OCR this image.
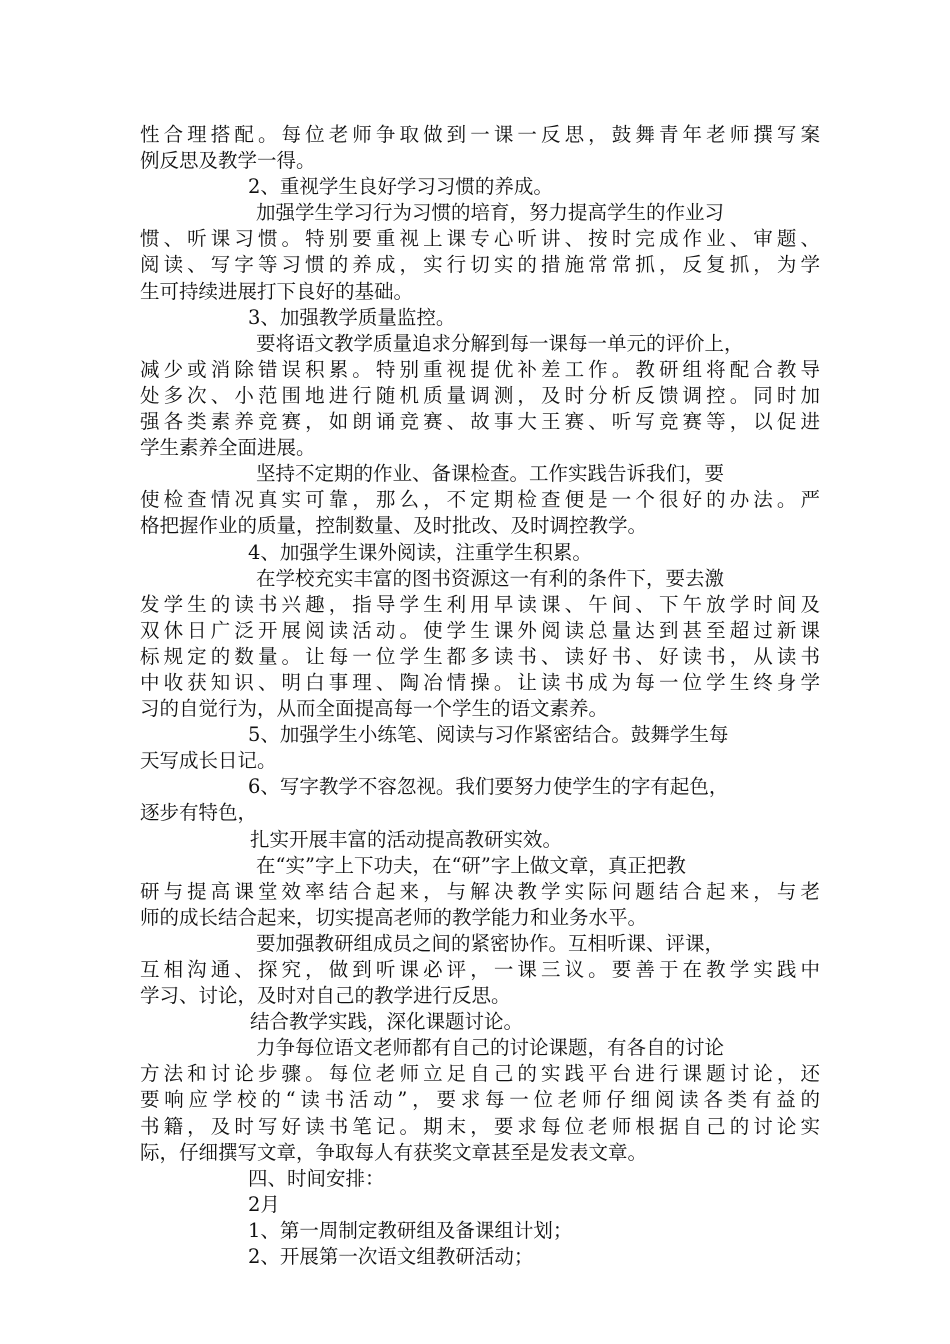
性合理搭配。每位老师争取做到一课一反思，鼓舞青年老师撰写案
例反思及教学一得。
2、重视学生良好学习习惯的养成。
加强学生学习行为习惯的培育，努力提高学生的作业习
惯、听课习惯。特别要重视上课专心听讲、按时完成作业、审题、
阅读、写字等习惯的养成，实行切实的措施常常抓，反复抓，为学
生可持续进展打下良好的基础。
3、加强教学质量监控。
要将语文教学质量追求分解到每一课每一单元的评价上，
减少或消除错误积累。特别重视提优补差工作。教研组将配合教导
处多次、小范围地进行随机质量调测，及时分析反馈调控。同时加
强各类素养竞赛，如朗诵竞赛、故事大王赛、听写竞赛等，以促进
学生素养全面进展。
坚持不定期的作业、备课检查。工作实践告诉我们，要
使检查情况真实可靠，那么，不定期检查便是一个很好的办法。严
格把握作业的质量，控制数量、及时批改、及时调控教学。
4、加强学生课外阅读，注重学生积累。
在学校充实丰富的图书资源这一有利的条件下，要去激
发学生的读书兴趣，指导学生利用早读课、午间、下午放学时间及
双休日广泛开展阅读活动。使学生课外阅读总量达到甚至超过新课
标规定的数量。让每一位学生都多读书、读好书、好读书，从读书
中收获知识、明白事理、陶冶情操。让读书成为每一位学生终身学
习的自觉行为，从而全面提高每一个学生的语文素养。
5、加强学生小练笔、阅读与习作紧密结合。鼓舞学生每
天写成长日记。
6、写字教学不容忽视。我们要努力使学生的字有起色，
逐步有特色，
扎实开展丰富的活动提高教研实效。
在“实”字上下功夫，在“研”字上做文章，真正把教
研与提高课堂效率结合起来，与解决教学实际问题结合起来，与老
师的成长结合起来，切实提高老师的教学能力和业务水平。
要加强教研组成员之间的紧密协作。互相听课、评课，
互相沟通、探究，做到听课必评，一课三议。要善于在教学实践中
学习、讨论，及时对自己的教学进行反思。
结合教学实践，深化课题讨论。
力争每位语文老师都有自己的讨论课题，有各自的讨论
方法和讨论步骤。每位老师立足自己的实践平台进行课题讨论，还
要响应学校的“读书活动”，要求每一位老师仔细阅读各类有益的
书籍，及时写好读书笔记。期末，要求每位老师根据自己的讨论实
际，仔细撰写文章，争取每人有获奖文章甚至是发表文章。
四、时间安排：
2月
1、第一周制定教研组及备课组计划；
2、开展第一次语文组教研活动；
